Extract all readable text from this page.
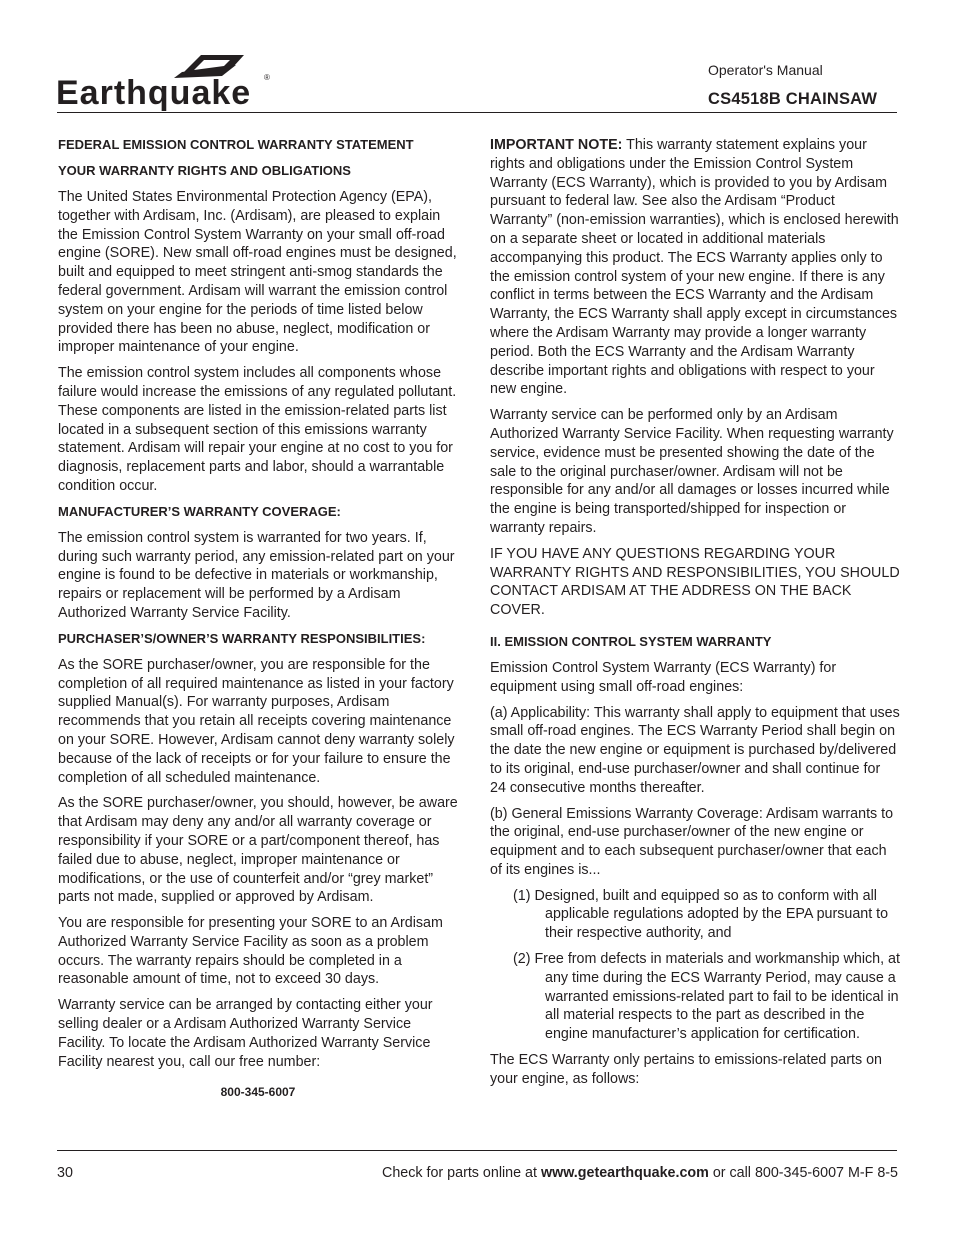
Earthquake ®	Operator's Manual
CS4518B CHAINSAW
FEDERAL EMISSION CONTROL WARRANTY STATEMENT
YOUR WARRANTY RIGHTS AND OBLIGATIONS

The United States Environmental Protection Agency (EPA), together with Ardisam, Inc. (Ardisam), are pleased to explain the Emission Control System Warranty on your small off-road engine (SORE). New small off-road engines must be designed, built and equipped to meet stringent anti-smog standards the federal government. Ardisam will warrant the emission control system on your engine for the periods of time listed below provided there has been no abuse, neglect, modification or improper maintenance of your engine.

The emission control system includes all components whose failure would increase the emissions of any regulated pollutant. These components are listed in the emission-related parts list located in a subsequent section of this emissions warranty statement. Ardisam will repair your engine at no cost to you for diagnosis, replacement parts and labor, should a warrantable condition occur.

MANUFACTURER’S WARRANTY COVERAGE:

The emission control system is warranted for two years. If, during such warranty period, any emission-related part on your engine is found to be defective in materials or workmanship, repairs or replacement will be performed by a Ardisam Authorized Warranty Service Facility.

PURCHASER’S/OWNER’S WARRANTY RESPONSIBILITIES:

As the SORE purchaser/owner, you are responsible for the completion of all required maintenance as listed in your factory supplied Manual(s). For warranty purposes, Ardisam recommends that you retain all receipts covering maintenance on your SORE. However, Ardisam cannot deny warranty solely because of the lack of receipts or for your failure to ensure the completion of all scheduled maintenance.

As the SORE purchaser/owner, you should, however, be aware that Ardisam may deny any and/or all warranty coverage or responsibility if your SORE or a part/component thereof, has failed due to abuse, neglect, improper maintenance or modifications, or the use of counterfeit and/or “grey market” parts not made, supplied or approved by Ardisam.

You are responsible for presenting your SORE to an Ardisam Authorized Warranty Service Facility as soon as a problem occurs. The warranty repairs should be completed in a reasonable amount of time, not to exceed 30 days.

Warranty service can be arranged by contacting either your selling dealer or a Ardisam Authorized Warranty Service Facility. To locate the Ardisam Authorized Warranty Service Facility nearest you, call our free number:

800-345-6007

IMPORTANT NOTE: This warranty statement explains your rights and obligations under the Emission Control System Warranty (ECS Warranty), which is provided to you by Ardisam pursuant to federal law. See also the Ardisam “Product Warranty” (non-emission warranties), which is enclosed herewith on a separate sheet or located in additional materials accompanying this product. The ECS Warranty applies only to the emission control system of your new engine. If there is any conflict in terms between the ECS Warranty and the Ardisam Warranty, the ECS Warranty shall apply except in circumstances where the Ardisam Warranty may provide a longer warranty period. Both the ECS Warranty and the Ardisam Warranty describe important rights and obligations with respect to your new engine.

Warranty service can be performed only by an Ardisam Authorized Warranty Service Facility. When requesting warranty service, evidence must be presented showing the date of the sale to the original purchaser/owner. Ardisam will not be responsible for any and/or all damages or losses incurred while the engine is being transported/shipped for inspection or warranty repairs.

IF YOU HAVE ANY QUESTIONS REGARDING YOUR WARRANTY RIGHTS AND RESPONSIBILITIES, YOU SHOULD CONTACT ARDISAM AT THE ADDRESS ON THE BACK COVER.

II. EMISSION CONTROL SYSTEM WARRANTY

Emission Control System Warranty (ECS Warranty) for equipment using small off-road engines:

(a) Applicability: This warranty shall apply to equipment that uses small off-road engines. The ECS Warranty Period shall begin on the date the new engine or equipment is purchased by/delivered to its original, end-use purchaser/owner and shall continue for 24 consecutive months thereafter.

(b) General Emissions Warranty Coverage: Ardisam warrants to the original, end-use purchaser/owner of the new engine or equipment and to each subsequent purchaser/owner that each of its engines is...

(1) Designed, built and equipped so as to conform with all applicable regulations adopted by the EPA pursuant to their respective authority, and

(2) Free from defects in materials and workmanship which, at any time during the ECS Warranty Period, may cause a warranted emissions-related part to fail to be identical in all material respects to the part as described in the engine manufacturer’s application for certification.

The ECS Warranty only pertains to emissions-related parts on your engine, as follows:

30	Check for parts online at www.getearthquake.com or call 800-345-6007 M-F 8-5
